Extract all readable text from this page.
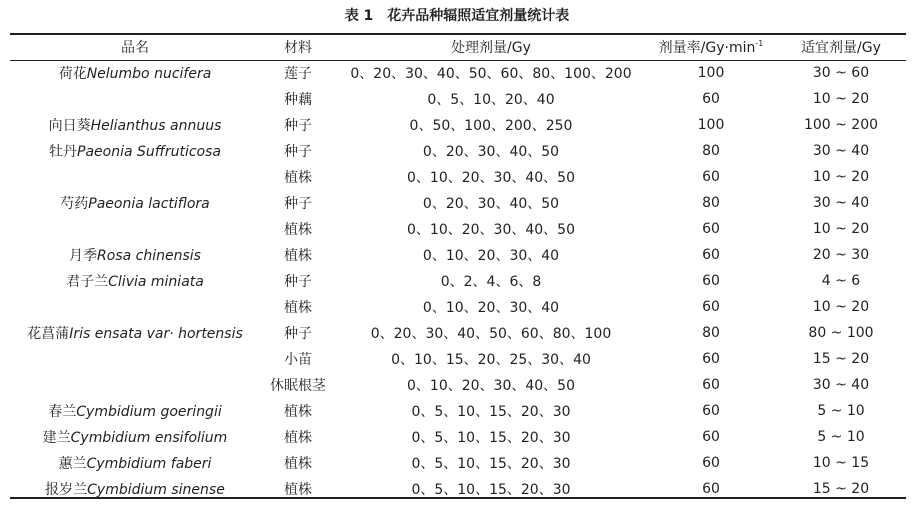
表 1　花卉品种辐照适宜剂量统计表
品名	材料	处理剂量/Gy	剂量率$/Gy\cdot\min^{-1}$	适宜剂量/Gy
荷花Nelumbo nucifera	莲子	0、20、30、40、50、60、80、100、200	100	30 ~ 60
	种藕	0、5、10、20、40	60	10 ~ 20
向日葵Helianthus annuus	种子	0、50、100、200、250	100	100 ~ 200
牡丹Paeonia Suffruticosa	种子	0、20、30、40、50	80	30 ~ 40
	植株	0、10、20、30、40、50	60	10 ~ 20
芍药Paeonia lactiflora	种子	0、20、30、40、50	80	30 ~ 40
	植株	0、10、20、30、40、50	60	10 ~ 20
月季Rosa chinensis	植株	0、10、20、30、40	60	20 ~ 30
君子兰Clivia miniata	种子	0、2、4、6、8	60	4 ~ 6
	植株	0、10、20、30、40	60	10 ~ 20
花菖蒲Iris ensata var· hortensis	种子	0、20、30、40、50、60、80、100	80	80 ~ 100
	小苗	0、10、15、20、25、30、40	60	15 ~ 20
	休眠根茎	0、10、20、30、40、50	60	30 ~ 40
春兰Cymbidium goeringii	植株	0、5、10、15、20、30	60	5 ~ 10
建兰Cymbidium ensifolium	植株	0、5、10、15、20、30	60	5 ~ 10
蕙兰Cymbidium faberi	植株	0、5、10、15、20、30	60	10 ~ 15
报岁兰Cymbidium sinense	植株	0、5、10、15、20、30	60	15 ~ 20
